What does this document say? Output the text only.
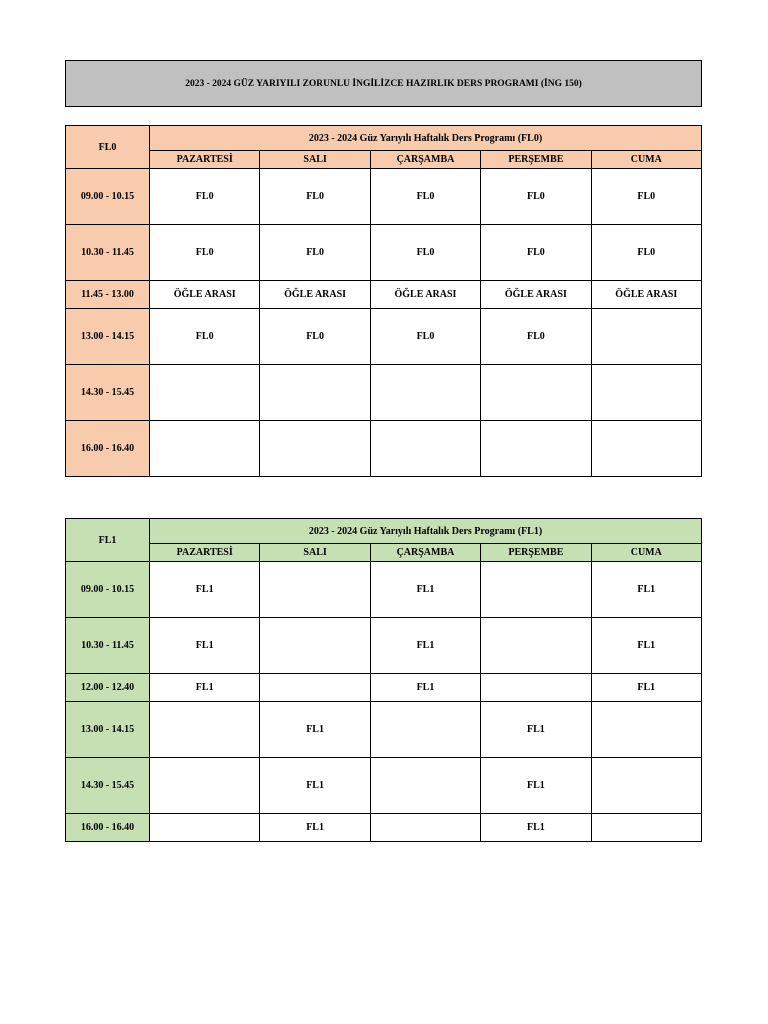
2023 - 2024 GÜZ YARIYILI ZORUNLU İNGİLİZCE HAZIRLIK DERS PROGRAMI (İNG 150)
FL0	2023 - 2024 Güz Yarıyılı Haftalık Ders Programı (FL0)				
	PAZARTESİ	SALI	ÇARŞAMBA	PERŞEMBE	CUMA
09.00 - 10.15	FL0	FL0	FL0	FL0	FL0
10.30 - 11.45	FL0	FL0	FL0	FL0	FL0
11.45 - 13.00	ÖĞLE ARASI	ÖĞLE ARASI	ÖĞLE ARASI	ÖĞLE ARASI	ÖĞLE ARASI
13.00 - 14.15	FL0	FL0	FL0	FL0	
14.30 - 15.45					
16.00 - 16.40					
FL1	2023 - 2024 Güz Yarıyılı Haftalık Ders Programı (FL1)				
	PAZARTESİ	SALI	ÇARŞAMBA	PERŞEMBE	CUMA
09.00 - 10.15	FL1		FL1		FL1
10.30 - 11.45	FL1		FL1		FL1
12.00 - 12.40	FL1		FL1		FL1
13.00 - 14.15		FL1		FL1	
14.30 - 15.45		FL1		FL1	
16.00 - 16.40		FL1		FL1	
